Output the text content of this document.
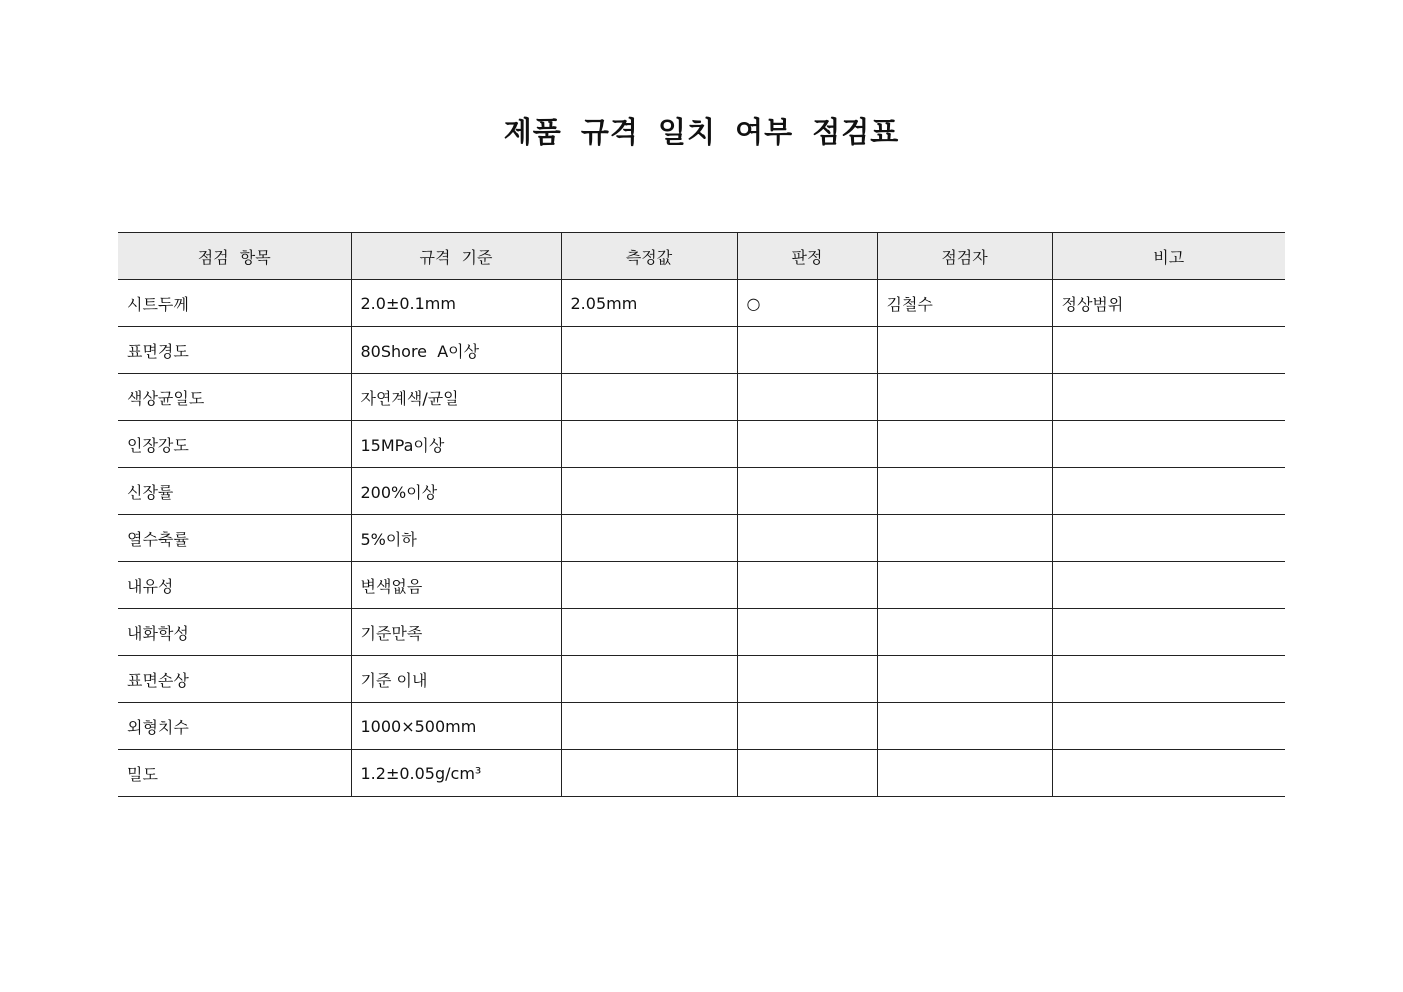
제품 규격 일치 여부 점검표
점검 항목	규격 기준	측정값	판정	점검자	비고
시트두께	2.0±0.1mm	2.05mm	○	김철수	정상범위
표면경도	80Shore  A이상				
색상균일도	자연계색/균일				
인장강도	15MPa이상				
신장률	200%이상				
열수축률	5%이하				
내유성	변색없음				
내화학성	기준만족				
표면손상	기준 이내				
외형치수	1000×500mm				
밀도	1.2±0.05g/cm³				
